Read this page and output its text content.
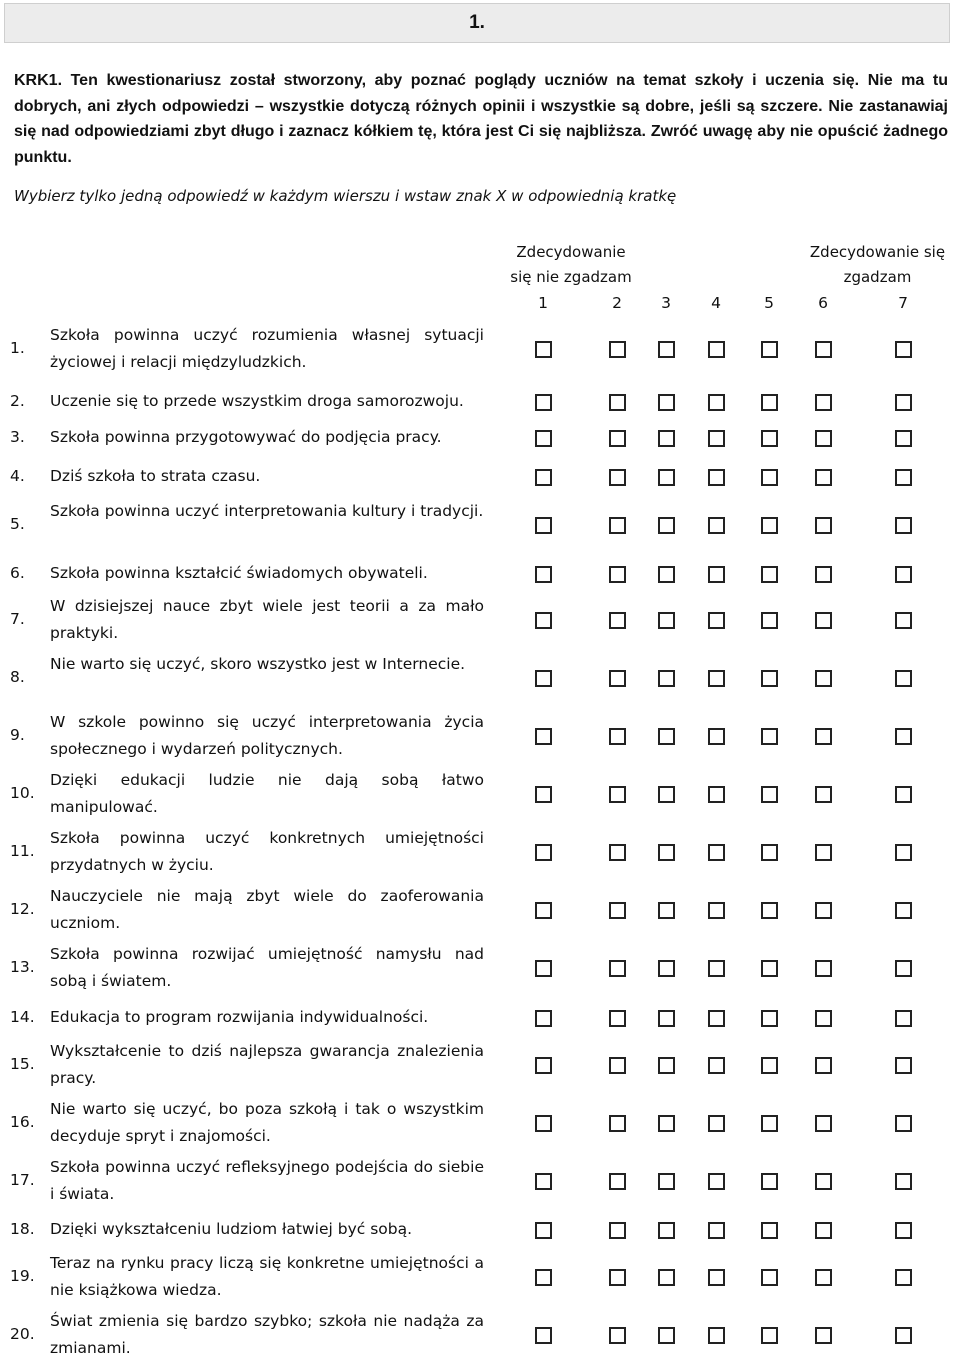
1.
KRK1. Ten kwestionariusz został stworzony, aby poznać poglądy uczniów na temat szkoły i uczenia się. Nie ma tu dobrych, ani złych odpowiedzi – wszystkie dotyczą różnych opinii i wszystkie są dobre, jeśli są szczere. Nie zastanawiaj się nad odpowiedziami zbyt długo i zaznacz kółkiem tę, która jest Ci się najbliższa. Zwróć uwagę aby nie opuścić żadnego punktu.
Wybierz tylko jedną odpowiedź w każdym wierszu i wstaw znak X w odpowiednią kratkę
Zdecydowanie
się nie zgadzam
Zdecydowanie się
zgadzam
1	2	3	4	5	6	7
1.
Szkoła powinna uczyć rozumienia własnej sytuacji życiowej i relacji międzyludzkich.
2. Uczenie się to przede wszystkim droga samorozwoju.
3. Szkoła powinna przygotowywać do podjęcia pracy.
4. Dziś szkoła to strata czasu.
5.
Szkoła powinna uczyć interpretowania kultury i tradycji.
6. Szkoła powinna kształcić świadomych obywateli.
7.
W dzisiejszej nauce zbyt wiele jest teorii a za mało praktyki.
8.
Nie warto się uczyć, skoro wszystko jest w Internecie.
9.
W szkole powinno się uczyć interpretowania życia społecznego i wydarzeń politycznych.
10.
Dzięki edukacji ludzie nie dają sobą łatwo manipulować.
11.
Szkoła powinna uczyć konkretnych umiejętności przydatnych w życiu.
12.
Nauczyciele nie mają zbyt wiele do zaoferowania uczniom.
13.
Szkoła powinna rozwijać umiejętność namysłu nad sobą i światem.
14. Edukacja to program rozwijania indywidualności.
15.
Wykształcenie to dziś najlepsza gwarancja znalezienia pracy.
16.
Nie warto się uczyć, bo poza szkołą i tak o wszystkim decyduje spryt i znajomości.
17.
Szkoła powinna uczyć refleksyjnego podejścia do siebie i świata.
18. Dzięki wykształceniu ludziom łatwiej być sobą.
19.
Teraz na rynku pracy liczą się konkretne umiejętności a nie książkowa wiedza.
20.
Świat zmienia się bardzo szybko; szkoła nie nadąża za zmianami.
